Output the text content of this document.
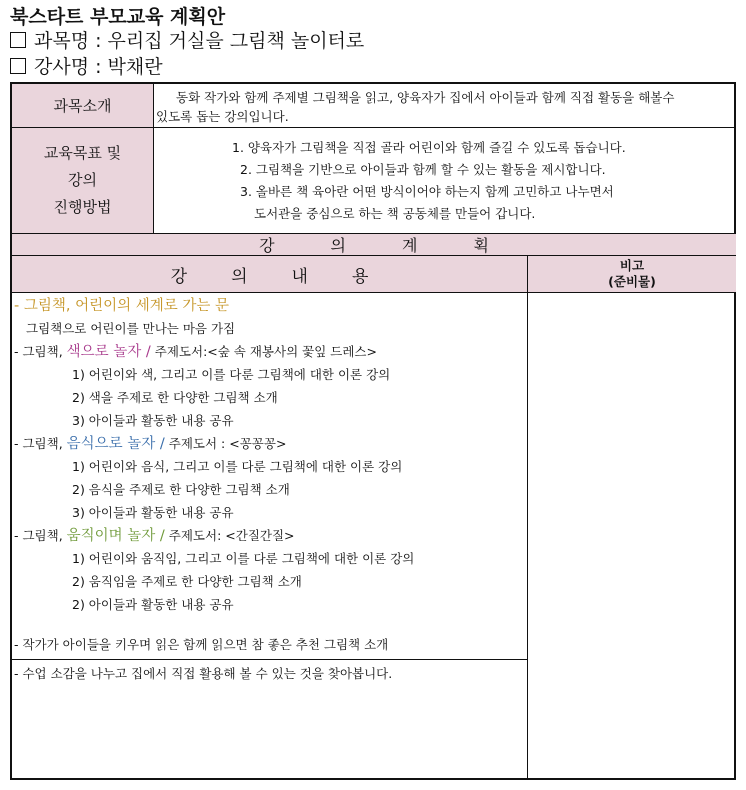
북스타트 부모교육 계획안
과목명 : 우리집 거실을 그림책 놀이터로
강사명 : 박채란
과목소개	동화 작가와 함께 주제별 그림책을 읽고, 양육자가 집에서 아이들과 함께 직접 활동을 해볼수
있도록 돕는 강의입니다.
교육목표 및
강의
진행방법
1. 양육자가 그림책을 직접 골라 어린이와 함께 즐길 수 있도록 돕습니다.
2. 그림책을 기반으로 아이들과 함께 할 수 있는 활동을 제시합니다.
3. 올바른 책 육아란 어떤 방식이어야 하는지 함께 고민하고 나누면서
도서관을 중심으로 하는 책 공동체를 만들어 갑니다.
강	의	계	획
강	의	내	용
비고
(준비물)
- 그림책, 어린이의 세계로 가는 문
그림책으로 어린이를 만나는 마음 가짐
- 그림책, 색으로 놀자 / 주제도서:<숲 속 재봉사의 꽃잎 드레스>
1) 어린이와 색, 그리고 이를 다룬 그림책에 대한 이론 강의
2) 색을 주제로 한 다양한 그림책 소개
3) 아이들과 활동한 내용 공유
- 그림책, 음식으로 놀자 / 주제도서 : <꽁꽁꽁>
1) 어린이와 음식, 그리고 이를 다룬 그림책에 대한 이론 강의
2) 음식을 주제로 한 다양한 그림책 소개
3) 아이들과 활동한 내용 공유
- 그림책, 움직이며 놀자 / 주제도서: <간질간질>
1) 어린이와 움직임, 그리고 이를 다룬 그림책에 대한 이론 강의
2) 움직임을 주제로 한 다양한 그림책 소개
2) 아이들과 활동한 내용 공유
- 작가가 아이들을 키우며 읽은 함께 읽으면 참 좋은 추천 그림책 소개
- 수업 소감을 나누고 집에서 직접 활용해 볼 수 있는 것을 찾아봅니다.
